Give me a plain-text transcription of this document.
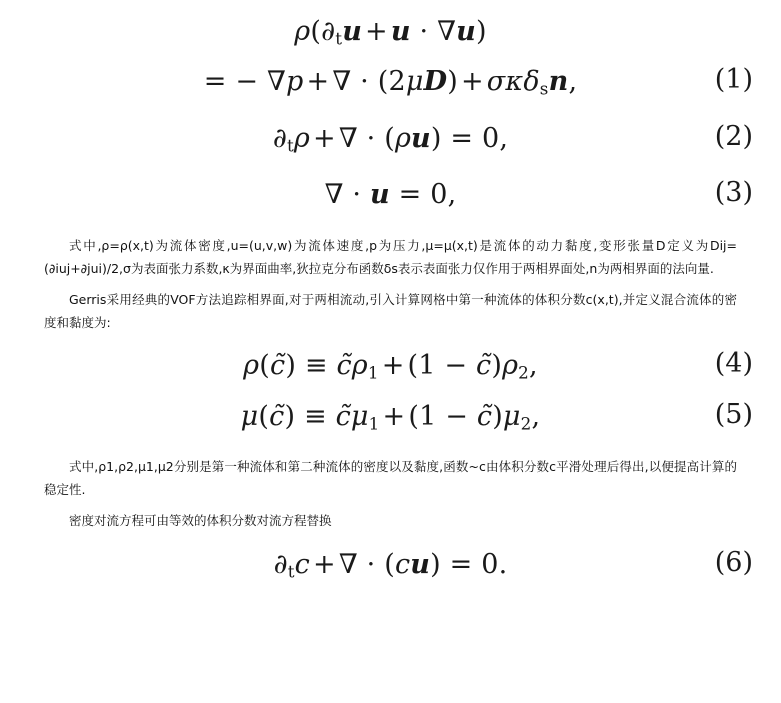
$\rho(\partial_tu + u \cdot \nabla u)$
= − ∇p + ∇ · (2μD) + σκδ$_s$n,	(1)
$\partial_t\rho$ + ∇ · (ρu) = 0,	(2)
∇ · u = 0,	(3)

式中,ρ=ρ(x,t)为流体密度,u=(u,v,w)为流体速度,p为压力,μ=μ(x,t)是流体的动力黏度,变形张量D定义为Dij=(∂iuj+∂jui)/2,σ为表面张力系数,κ为界面曲率,狄拉克分布函数δs表示表面张力仅作用于两相界面处,n为两相界面的法向量.

Gerris采用经典的VOF方法追踪相界面,对于两相流动,引入计算网格中第一种流体的体积分数c(x,t),并定义混合流体的密度和黏度为:

ρ(c̃) ≡ $c̃\rho_1 + (1$ − $c̃)\rho_2$,	(4)
μ(c̃) ≡ $c̃\mu_1 + (1$ − $c̃)\mu_2$,	(5)

式中,ρ1,ρ2,μ1,μ2分别是第一种流体和第二种流体的密度以及黏度,函数~c由体积分数c平滑处理后得出,以便提高计算的稳定性.

密度对流方程可由等效的体积分数对流方程替换

$\partial_tc$ + ∇ · (cu) = 0.	(6)
